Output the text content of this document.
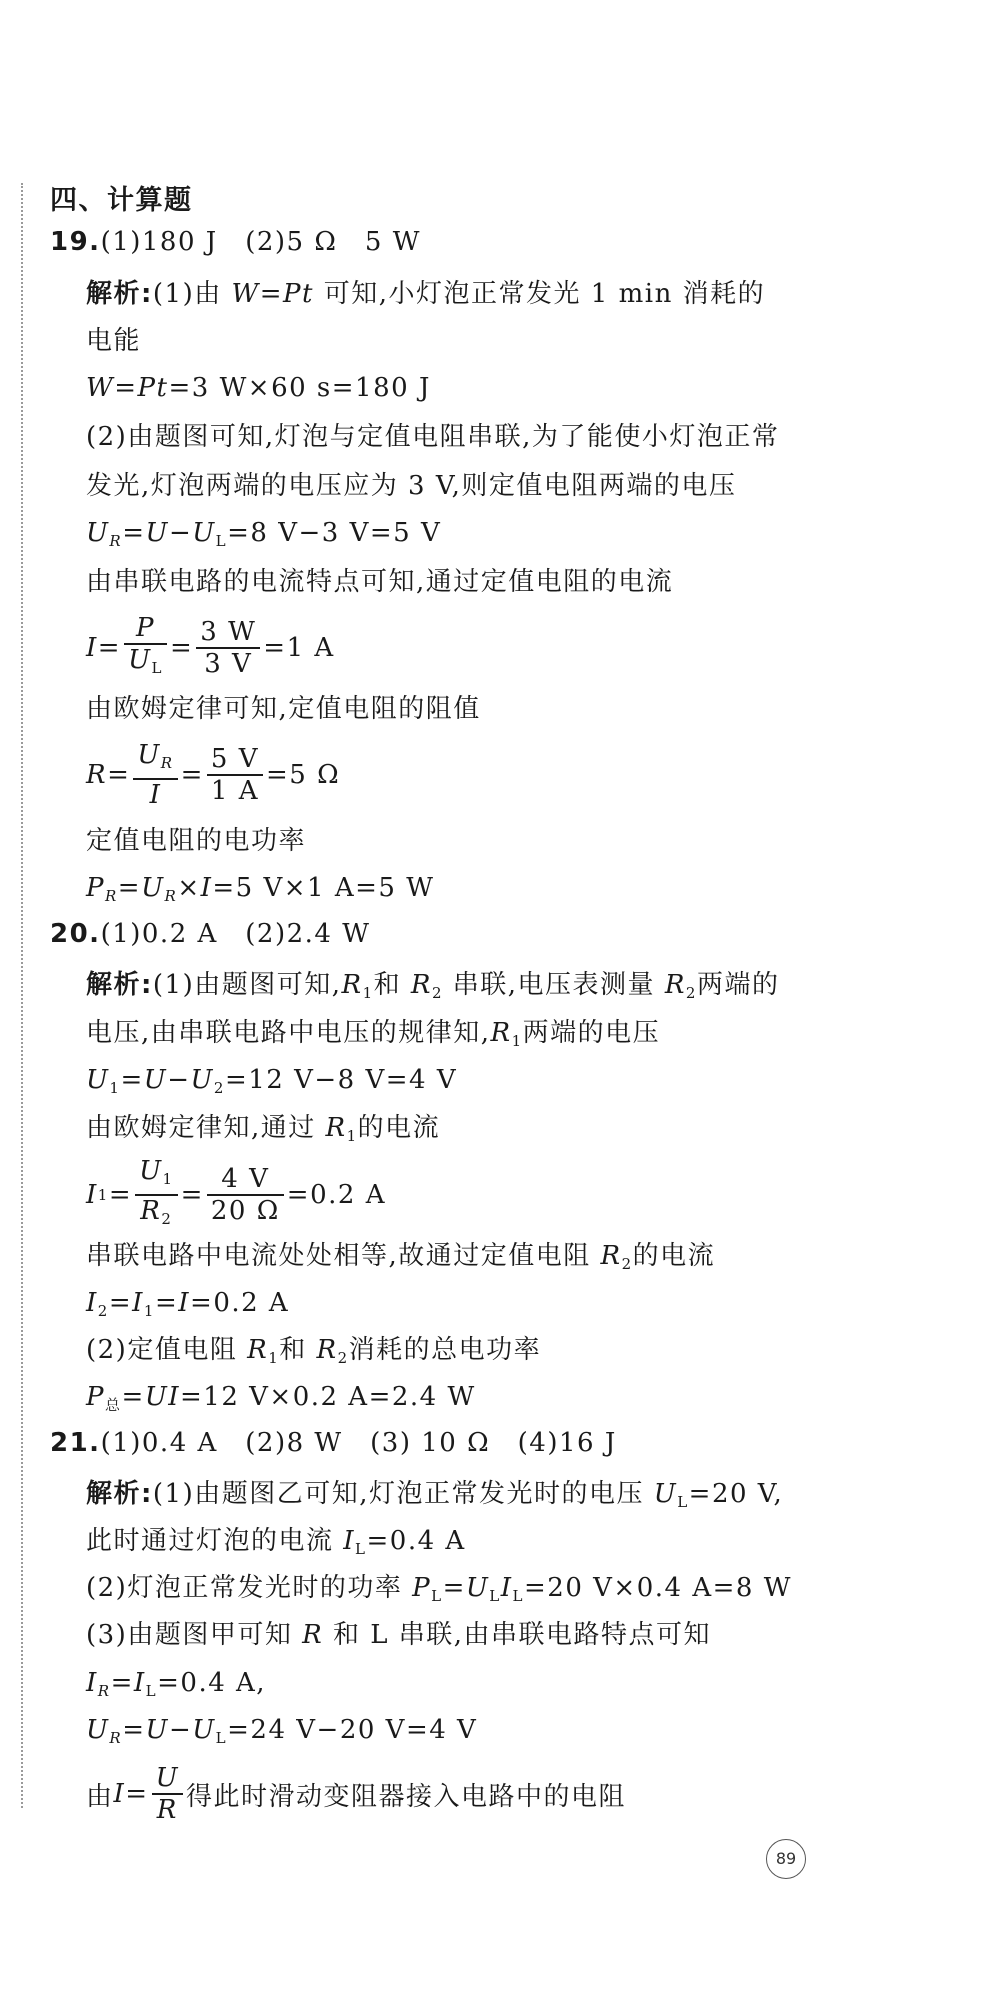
四、计算题
19.(1)180 J　(2)5 Ω　5 W
解析:(1)由 W=Pt 可知,小灯泡正常发光 1 min 消耗的
电能
W=Pt=3 W×60 s=180 J
(2)由题图可知,灯泡与定值电阻串联,为了能使小灯泡正常
发光,灯泡两端的电压应为 3 V,则定值电阻两端的电压
$U_R=U-U_L=8$ V−3 V=5 V
由串联电路的电流特点可知,通过定值电阻的电流
$I = \frac{P}{U_L} = \frac{3 W}{3 V} =1$ A
由欧姆定律可知,定值电阻的阻值
$R = \frac{U_R}{I} = \frac{5 V}{1 A} =5$ Ω
定值电阻的电功率
$P_R=U_R\times I=5$ V×1 A=5 W
20.(1)0.2 A　(2)2.4 W
解析:(1)由题图可知$,R_1$和 $R_2$ 串联,电压表测量 $R_2$两端的
电压,由串联电路中电压的规律知$,R_1$两端的电压
$U_1=U-U_2=12$ V−8 V=4 V
由欧姆定律知,通过 $R_1$的电流
I $1 = \frac{U_1}{R_2} = \frac{4 V}{20 \Omega} =0.2$ A
串联电路中电流处处相等,故通过定值电阻 $R_2$的电流
$I_2=I_1=I=0.2$ A
(2)定值电阻 $R_1$和 $R_2$消耗的总电功率
$P_总=UI=12$ V×0.2 A=2.4 W
21.(1)0.4 A　(2)8 W　(3) 10 Ω　(4)16 J
解析:(1)由题图乙可知,灯泡正常发光时的电压 $U_L=20$ V,
此时通过灯泡的电流 $I_L=0.4$ A
(2)灯泡正常发光时的功率 $P_L=U_LI_L=20$ V×0.4 A=8 W
(3)由题图甲可知 R 和 L 串联,由串联电路特点可知
$I_R=I_L=0.4$ A,
$U_R=U-U_L=24$ V−20 V=4 V
由 $I = \frac{U}{R}$ 得此时滑动变阻器接入电路中的电阻
89
